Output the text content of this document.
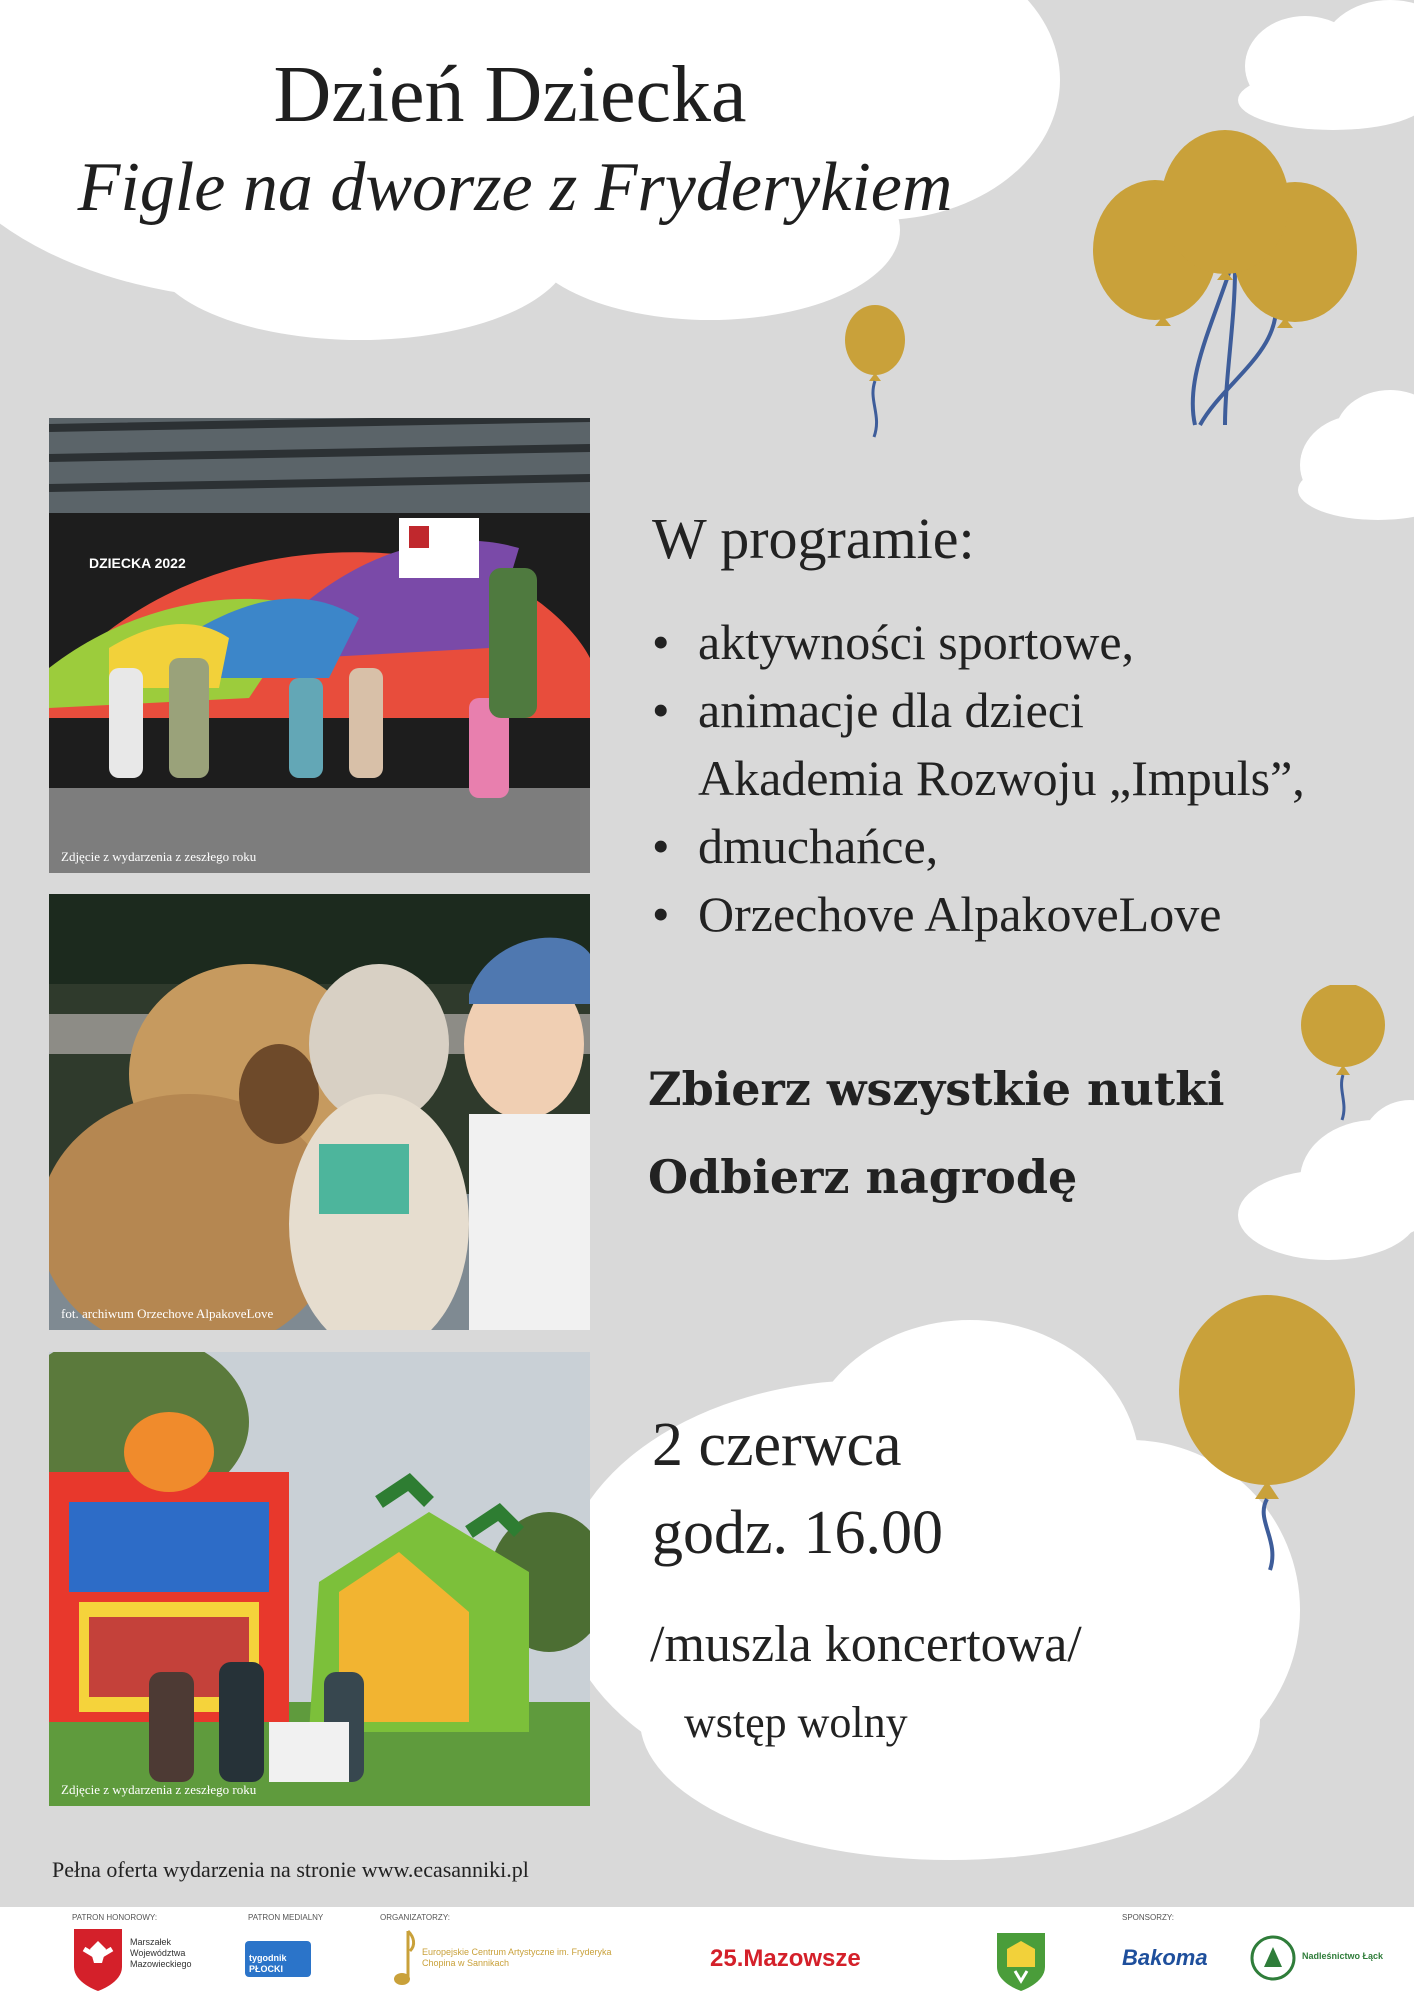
Dzień Dziecka
Figle na dworze z Fryderykiem
DZIECKA 2022
Zdjęcie z wydarzenia z zeszłego roku
fot. archiwum Orzechove AlpakoveLove
Zdjęcie z wydarzenia z zeszłego roku
W programie:
• aktywności sportowe,
• animacje dla dzieci
Akademia Rozwoju „Impuls”,
• dmuchańce,
• Orzechove AlpakoveLove
Zbierz wszystkie nutki
Odbierz nagrodę
2 czerwca
godz. 16.00
/muszla koncertowa/
wstęp wolny
Pełna oferta wydarzenia na stronie www.ecasanniki.pl
PATRON HONOROWY:	PATRON MEDIALNY	ORGANIZATORZY:	SPONSORZY:
Marszałek Województwa Mazowieckiego
tygodnik PŁOCKI
Europejskie Centrum Artystyczne im. Fryderyka Chopina w Sannikach	25.Mazowsze	Bakoma	Nadleśnictwo Łąck
